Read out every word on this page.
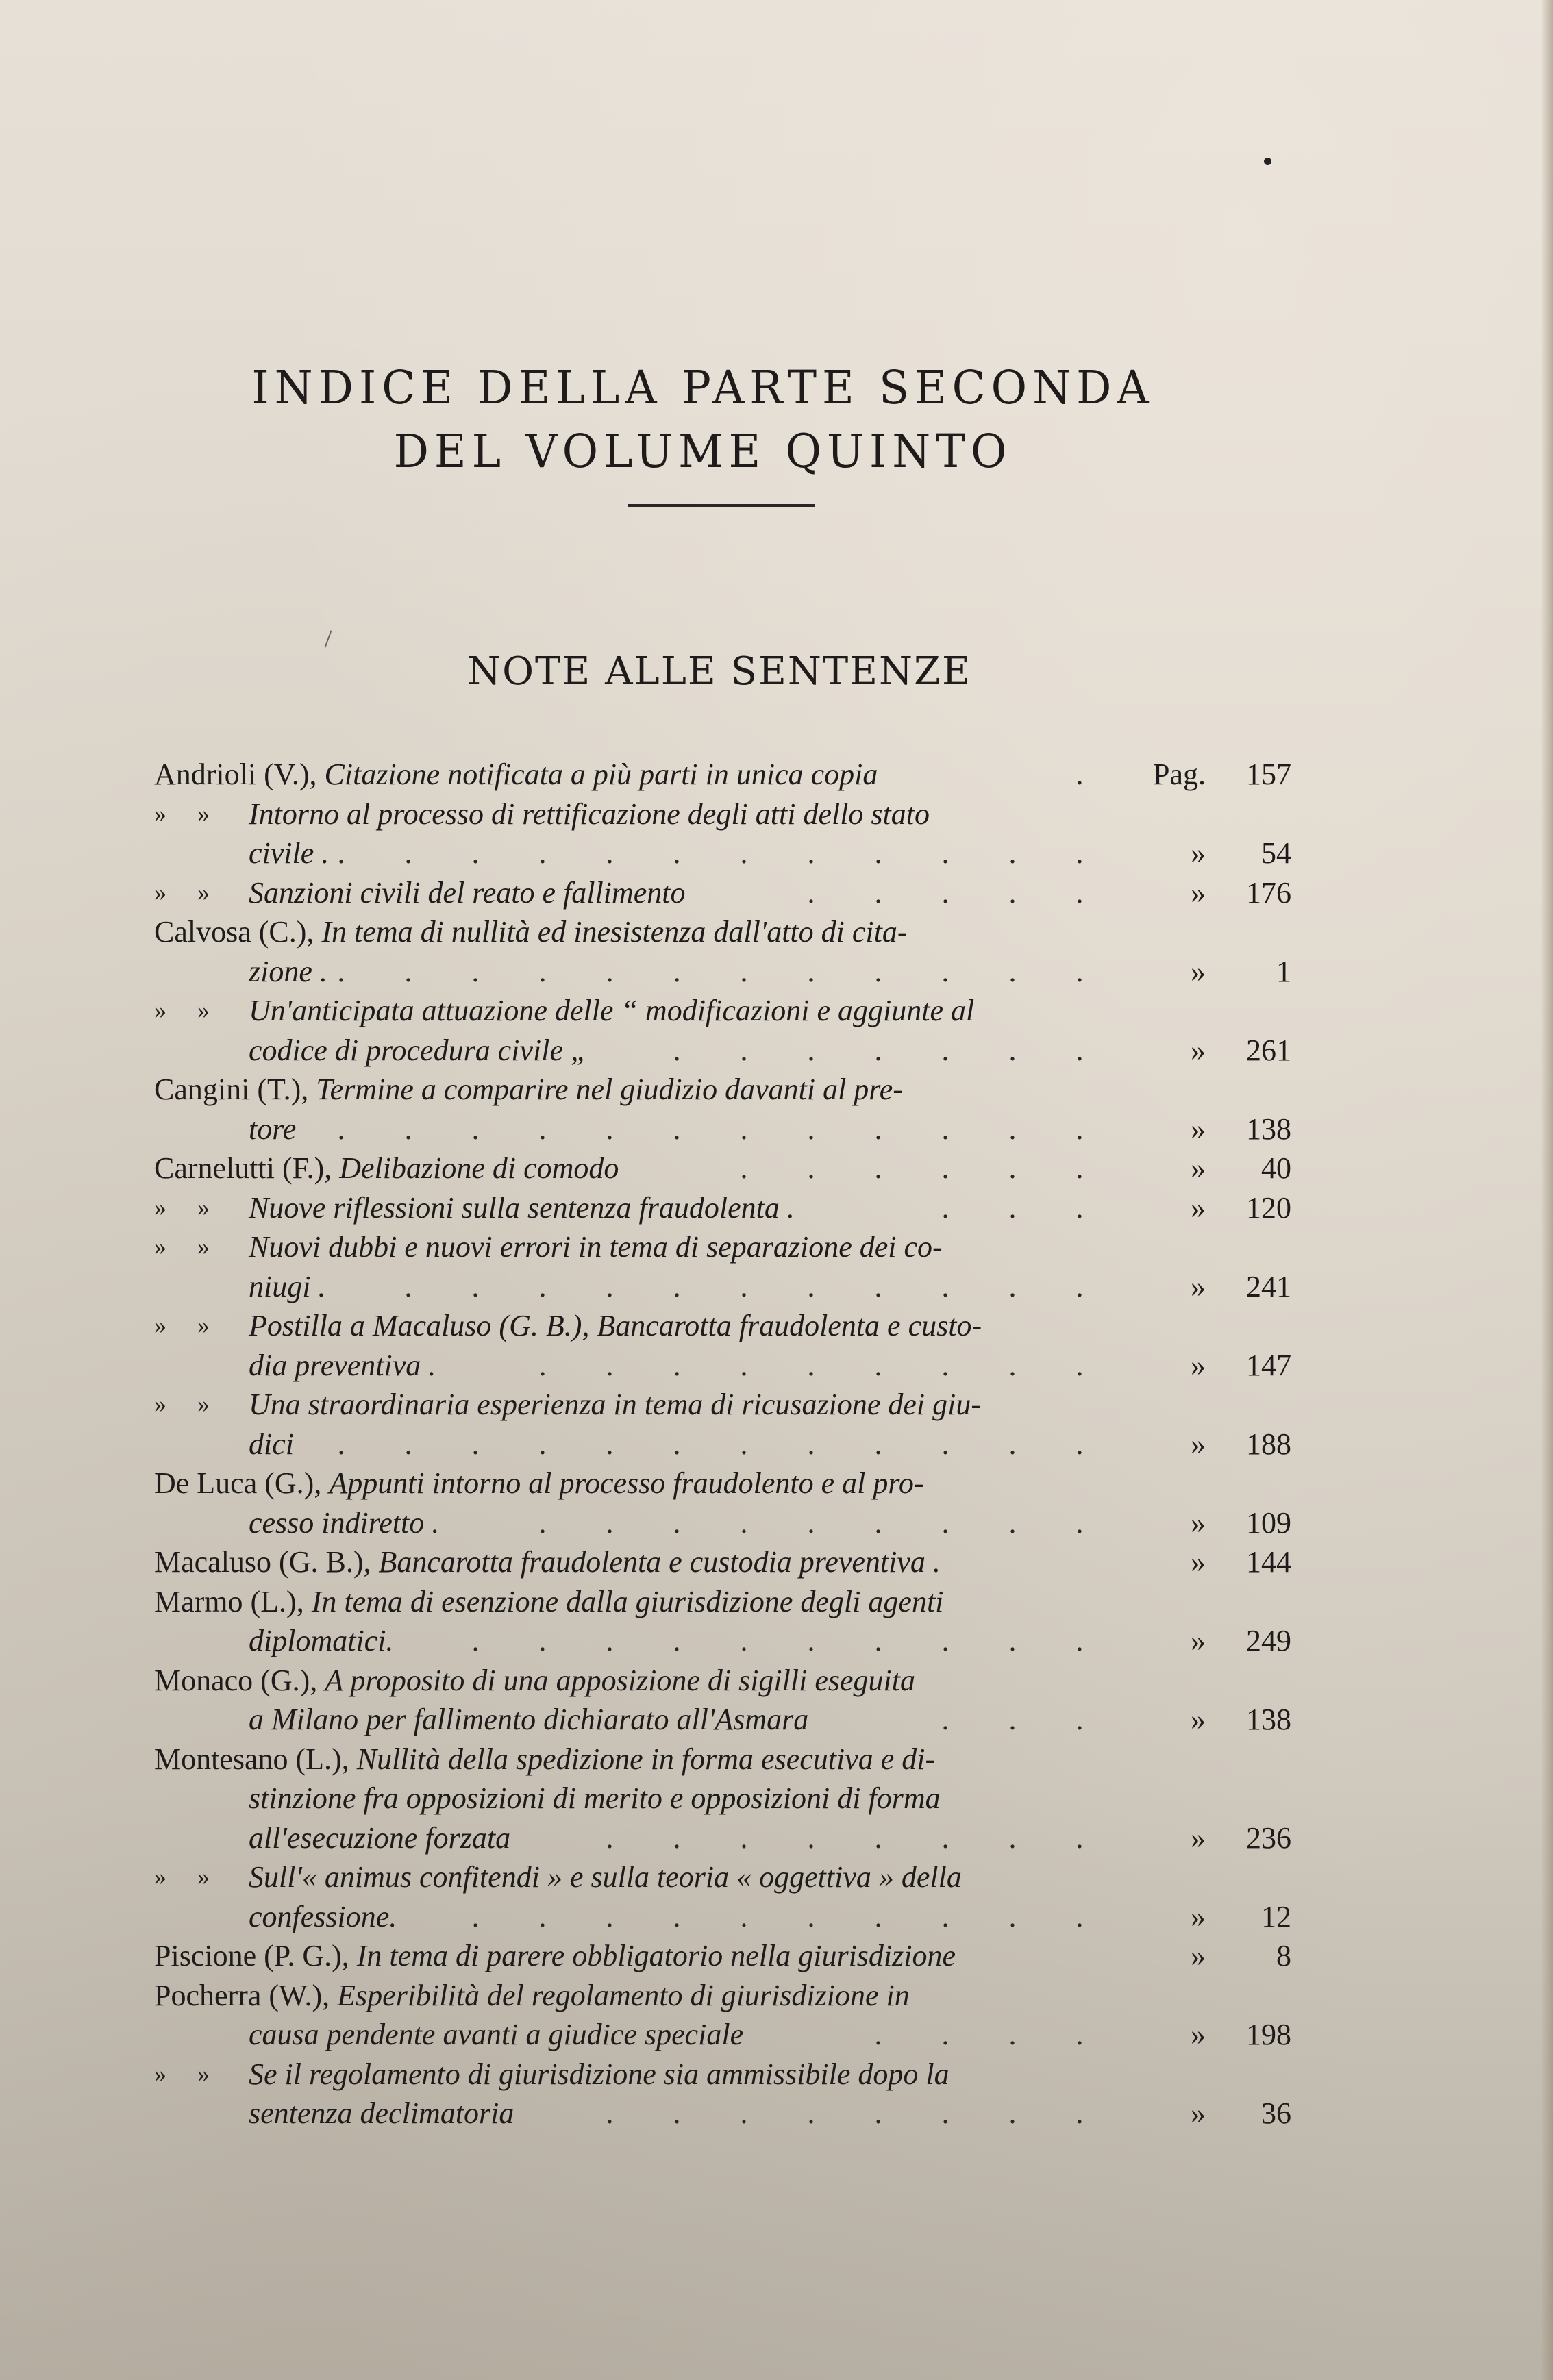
INDICE DELLA PARTE SECONDA
DEL VOLUME QUINTO
NOTE ALLE SENTENZE
Andrioli (V.), Citazione notificata a più parti in unica copia	.	Pag.	157
» » Intorno al processo di rettificazione degli atti dello stato
civile . . . . . . . . . . . . .	»	54
» » Sanzioni civili del reato e fallimento	. . . . .	»	176
Calvosa (C.), In tema di nullità ed inesistenza dall'atto di cita-
zione . . . . . . . . . . . . .	»	1
» » Un'anticipata attuazione delle “ modificazioni e aggiunte al
codice di procedura civile „	. . . . . . .	»	261
Cangini (T.), Termine a comparire nel giudizio davanti al pre-
tore	. . . . . . . . . . . .	»	138
Carnelutti (F.), Delibazione di comodo	. . . . . .	»	40
» » Nuove riflessioni sulla sentenza fraudolenta .	. . .	»	120
» » Nuovi dubbi e nuovi errori in tema di separazione dei co-
niugi .	. . . . . . . . . . .	»	241
» » Postilla a Macaluso (G. B.), Bancarotta fraudolenta e custo-
dia preventiva .	. . . . . . . . .	»	147
» » Una straordinaria esperienza in tema di ricusazione dei giu-
dici	. . . . . . . . . . . .	»	188
De Luca (G.), Appunti intorno al processo fraudolento e al pro-
cesso indiretto .	. . . . . . . . .	»	109
Macaluso (G. B.), Bancarotta fraudolenta e custodia preventiva .	»	144
Marmo (L.), In tema di esenzione dalla giurisdizione degli agenti
diplomatici.	. . . . . . . . . .	»	249
Monaco (G.), A proposito di una apposizione di sigilli eseguita
a Milano per fallimento dichiarato all'Asmara	. . .	»	138
Montesano (L.), Nullità della spedizione in forma esecutiva e di-
stinzione fra opposizioni di merito e opposizioni di forma
all'esecuzione forzata	. . . . . . . .	»	236
» » Sull'« animus confitendi » e sulla teoria « oggettiva » della
confessione.	. . . . . . . . . .	»	12
Piscione (P. G.), In tema di parere obbligatorio nella giurisdizione	»	8
Pocherra (W.), Esperibilità del regolamento di giurisdizione in
causa pendente avanti a giudice speciale	. . . .	»	198
» » Se il regolamento di giurisdizione sia ammissibile dopo la
sentenza declimatoria	. . . . . . . .	»	36
